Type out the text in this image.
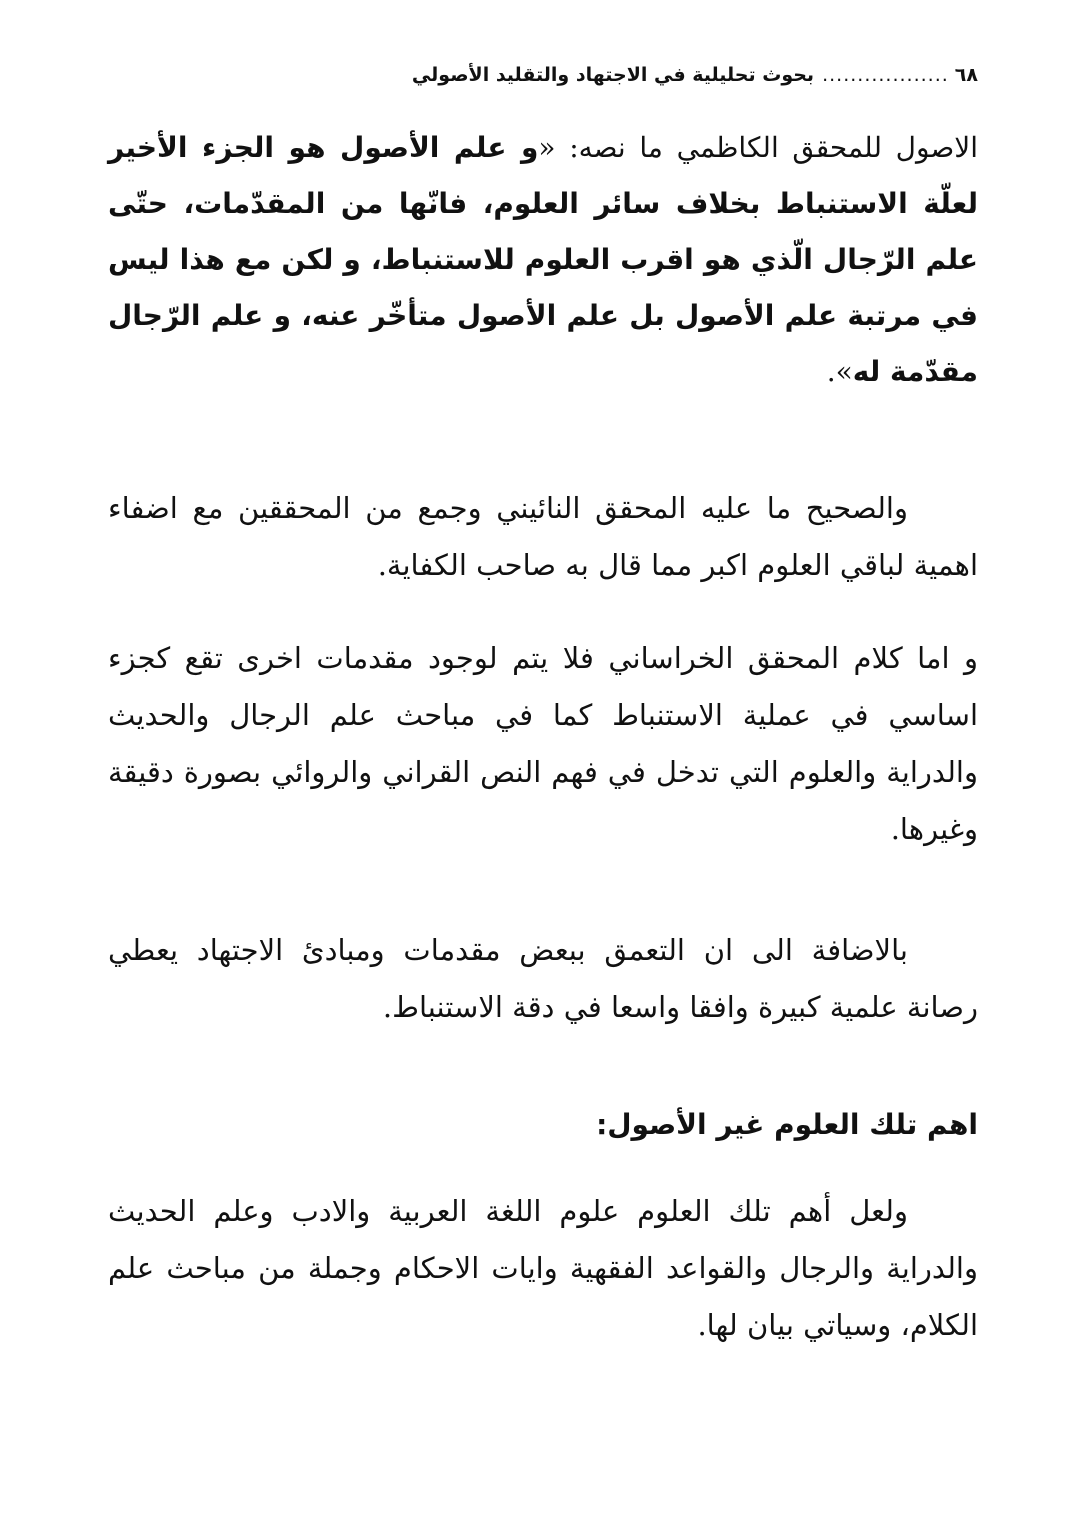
٦٨
..................
بحوث تحليلية في الاجتهاد والتقليد الأصولي

الاصول للمحقق الكاظمي ما نصه: «و علم الأصول هو الجزء الأخير لعلّة الاستنباط بخلاف سائر العلوم، فانّها من المقدّمات، حتّى علم الرّجال الّذي هو اقرب العلوم للاستنباط، و لكن مع هذا ليس في مرتبة علم الأصول بل علم الأصول متأخّر عنه، و علم الرّجال مقدّمة له».

والصحيح ما عليه المحقق النائيني وجمع من المحققين مع اضفاء اهمية لباقي العلوم اكبر مما قال به صاحب الكفاية.

و اما كلام المحقق الخراساني فلا يتم لوجود مقدمات اخرى تقع كجزء اساسي في عملية الاستنباط كما في مباحث علم الرجال والحديث والدراية والعلوم التي تدخل في فهم النص القراني والروائي بصورة دقيقة وغيرها.

بالاضافة الى ان التعمق ببعض مقدمات ومبادئ الاجتهاد يعطي رصانة علمية كبيرة وافقا واسعا في دقة الاستنباط.

اهم تلك العلوم غير الأصول:

ولعل أهم تلك العلوم علوم اللغة العربية والادب وعلم الحديث والدراية والرجال والقواعد الفقهية وايات الاحكام وجملة من مباحث علم الكلام، وسياتي بيان لها.
